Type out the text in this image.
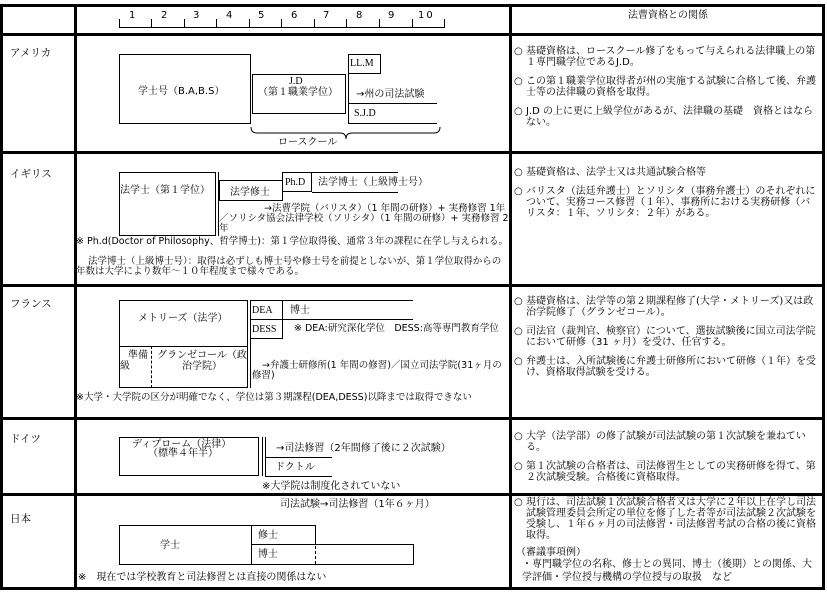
1	2	3	4	5	6	7	8	9 10	法曹資格との関係
アメリカ
学士号（B.A,B.S）
J.D
（第１職業学位）
LL.M
→州の司法試験
S.J.D
ロースクール
○ 基礎資格は、ロースクール修了をもって与えられる法律職上の第１専門職学位であるJ.D。
○ この第１職業学位取得者が州の実施する試験に合格して後、弁護士等の法律職の資格を取得。
○ J.D の上に更に上級学位があるが、法律職の基礎　資格とはならない。
イギリス
法学士（第１学位） 法学修士
Ph.D 法学博士（上級博士号）
→法曹学院（バリスタ）（1 年間の研修）+ 実務修習 1年／ソリシタ協会法律学校（ソリシタ）（1 年間の研修）+ 実務修習 2 年
※ Ph.d(Doctor of Philosophy、哲学博士)：第１学位取得後、通常３年の課程に在学し与えられる。
法学博士（上級博士号）：取得は必ずしも博士号や修士号を前提としないが、第１学位取得からの年数は大学により数年～１０年程度まで様々である。
○ 基礎資格は、法学士又は共通試験合格等
○ バリスタ（法廷弁護士）とソリシタ（事務弁護士）のそれぞれについて、実務コース修習（１年）、事務所における実務研修（バリスタ：１年、ソリシタ：２年）がある。
フランス
メトリーズ（法学）
準備級
グランゼコール（政治学院）
DEA 博士
DESS	※ DEA:研究深化学位　DESS:高等専門教育学位
→弁護士研修所(1 年間の修習)／国立司法学院(31ヶ月の修習)
※大学・大学院の区分が明確でなく、学位は第３期課程(DEA,DESS)以降までは取得できない
○ 基礎資格は、法学等の第２期課程修了(大学・メトリーズ)又は政治学院修了（グランゼコール）。
○ 司法官（裁判官、検察官）について、選抜試験後に国立司法学院において研修（31 ヶ月）を受け、任官する。
○ 弁護士は、入所試験後に弁護士研修所において研修（１年）を受け、資格取得試験を受ける。
ドイツ	ディプローム（法律）
（標準４年半）	→司法修習（2年間修了後に２次試験）
ドクトル
※大学院は制度化されていない
○ 大学（法学部）の修了試験が司法試験の第１次試験を兼ねている。
○ 第１次試験の合格者は、司法修習生としての実務研修を得て、第２次試験受験。合格後に資格取得。
日本
司法試験→司法修習（1年６ヶ月）
学士
修士
博士
※　現在では学校教育と司法修習とは直接の関係はない
○ 現行は、司法試験１次試験合格者又は大学に２年以上在学し司法試験管理委員会所定の単位を修了した者等が司法試験２次試験を受験し、１年６ヶ月の司法修習・司法修習考試の合格の後に資格取得。
（審議事項例）
・専門職学位の名称、修士との異同、博士（後期）との関係、大学評価・学位授与機構の学位授与の取扱　など
